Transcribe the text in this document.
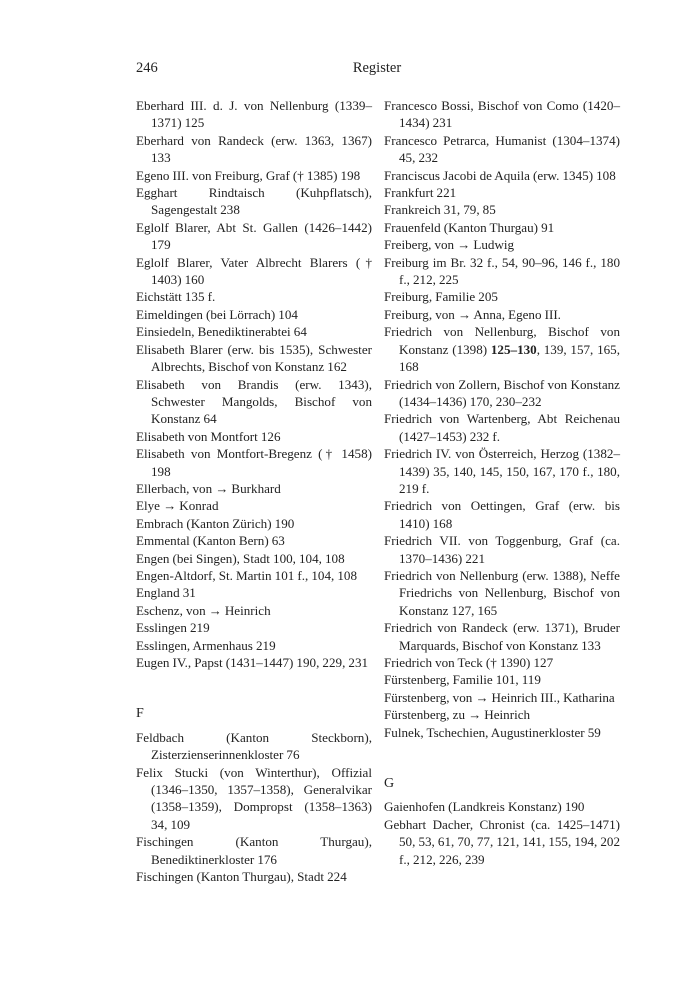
246	Register
Eberhard III. d. J. von Nellenburg (1339–1371) 125
Eberhard von Randeck (erw. 1363, 1367) 133
Egeno III. von Freiburg, Graf († 1385) 198
Egghart Rindtaisch (Kuhpflatsch), Sagengestalt 238
Eglolf Blarer, Abt St. Gallen (1426–1442) 179
Eglolf Blarer, Vater Albrecht Blarers († 1403) 160
Eichstätt 135 f.
Eimeldingen (bei Lörrach) 104
Einsiedeln, Benediktinerabtei 64
Elisabeth Blarer (erw. bis 1535), Schwester Albrechts, Bischof von Konstanz 162
Elisabeth von Brandis (erw. 1343), Schwester Mangolds, Bischof von Konstanz 64
Elisabeth von Montfort 126
Elisabeth von Montfort-Bregenz († 1458) 198
Ellerbach, von → Burkhard
Elye → Konrad
Embrach (Kanton Zürich) 190
Emmental (Kanton Bern) 63
Engen (bei Singen), Stadt 100, 104, 108
Engen-Altdorf, St. Martin 101 f., 104, 108
England 31
Eschenz, von → Heinrich
Esslingen 219
Esslingen, Armenhaus 219
Eugen IV., Papst (1431–1447) 190, 229, 231
F
Feldbach (Kanton Steckborn), Zisterzienserinnenkloster 76
Felix Stucki (von Winterthur), Offizial (1346–1350, 1357–1358), Generalvikar (1358–1359), Dompropst (1358–1363) 34, 109
Fischingen (Kanton Thurgau), Benediktinerkloster 176
Fischingen (Kanton Thurgau), Stadt 224
Francesco Bossi, Bischof von Como (1420–1434) 231
Francesco Petrarca, Humanist (1304–1374) 45, 232
Franciscus Jacobi de Aquila (erw. 1345) 108
Frankfurt 221
Frankreich 31, 79, 85
Frauenfeld (Kanton Thurgau) 91
Freiberg, von → Ludwig
Freiburg im Br. 32 f., 54, 90–96, 146 f., 180 f., 212, 225
Freiburg, Familie 205
Freiburg, von → Anna, Egeno III.
Friedrich von Nellenburg, Bischof von Konstanz (1398) 125–130, 139, 157, 165, 168
Friedrich von Zollern, Bischof von Konstanz (1434–1436) 170, 230–232
Friedrich von Wartenberg, Abt Reichenau (1427–1453) 232 f.
Friedrich IV. von Österreich, Herzog (1382–1439) 35, 140, 145, 150, 167, 170 f., 180, 219 f.
Friedrich von Oettingen, Graf (erw. bis 1410) 168
Friedrich VII. von Toggenburg, Graf (ca. 1370–1436) 221
Friedrich von Nellenburg (erw. 1388), Neffe Friedrichs von Nellenburg, Bischof von Konstanz 127, 165
Friedrich von Randeck (erw. 1371), Bruder Marquards, Bischof von Konstanz 133
Friedrich von Teck († 1390) 127
Fürstenberg, Familie 101, 119
Fürstenberg, von → Heinrich III., Katharina
Fürstenberg, zu → Heinrich
Fulnek, Tschechien, Augustinerkloster 59
G
Gaienhofen (Landkreis Konstanz) 190
Gebhart Dacher, Chronist (ca. 1425–1471) 50, 53, 61, 70, 77, 121, 141, 155, 194, 202 f., 212, 226, 239
